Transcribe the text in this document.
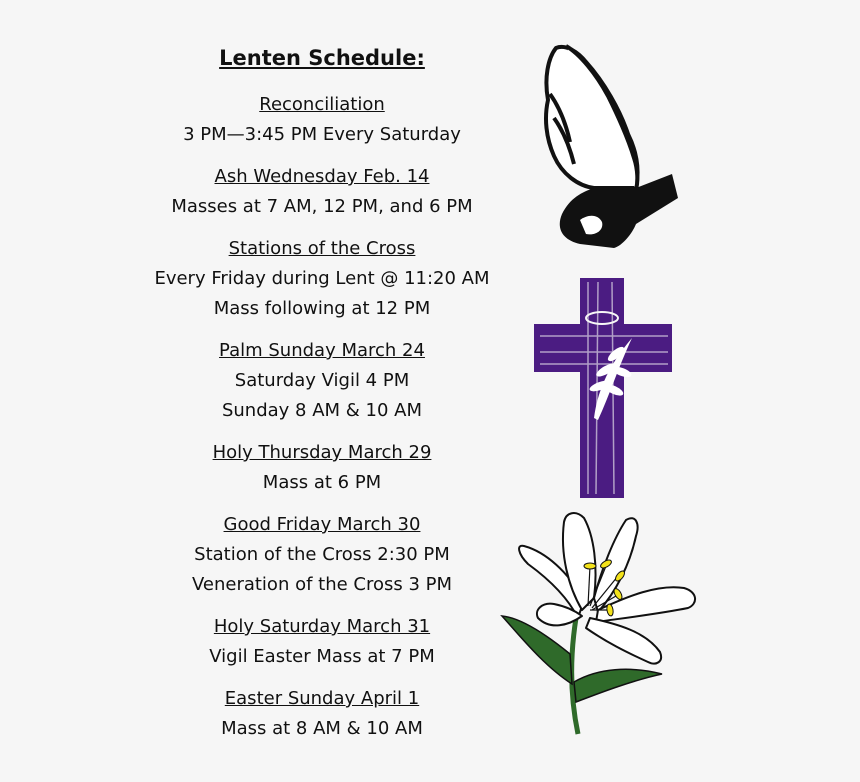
Lenten Schedule:
Reconciliation
3 PM—3:45 PM Every Saturday
Ash Wednesday Feb. 14
Masses at 7 AM, 12 PM, and 6 PM
Stations of the Cross
Every Friday during Lent @ 11:20 AM
Mass following at 12 PM
Palm Sunday March 24
Saturday Vigil 4 PM
Sunday 8 AM & 10 AM
Holy Thursday March 29
Mass at 6 PM
Good Friday March 30
Station of the Cross 2:30 PM
Veneration of the Cross 3 PM
Holy Saturday March 31
Vigil Easter Mass at 7 PM
Easter Sunday April 1
Mass at 8 AM & 10 AM
